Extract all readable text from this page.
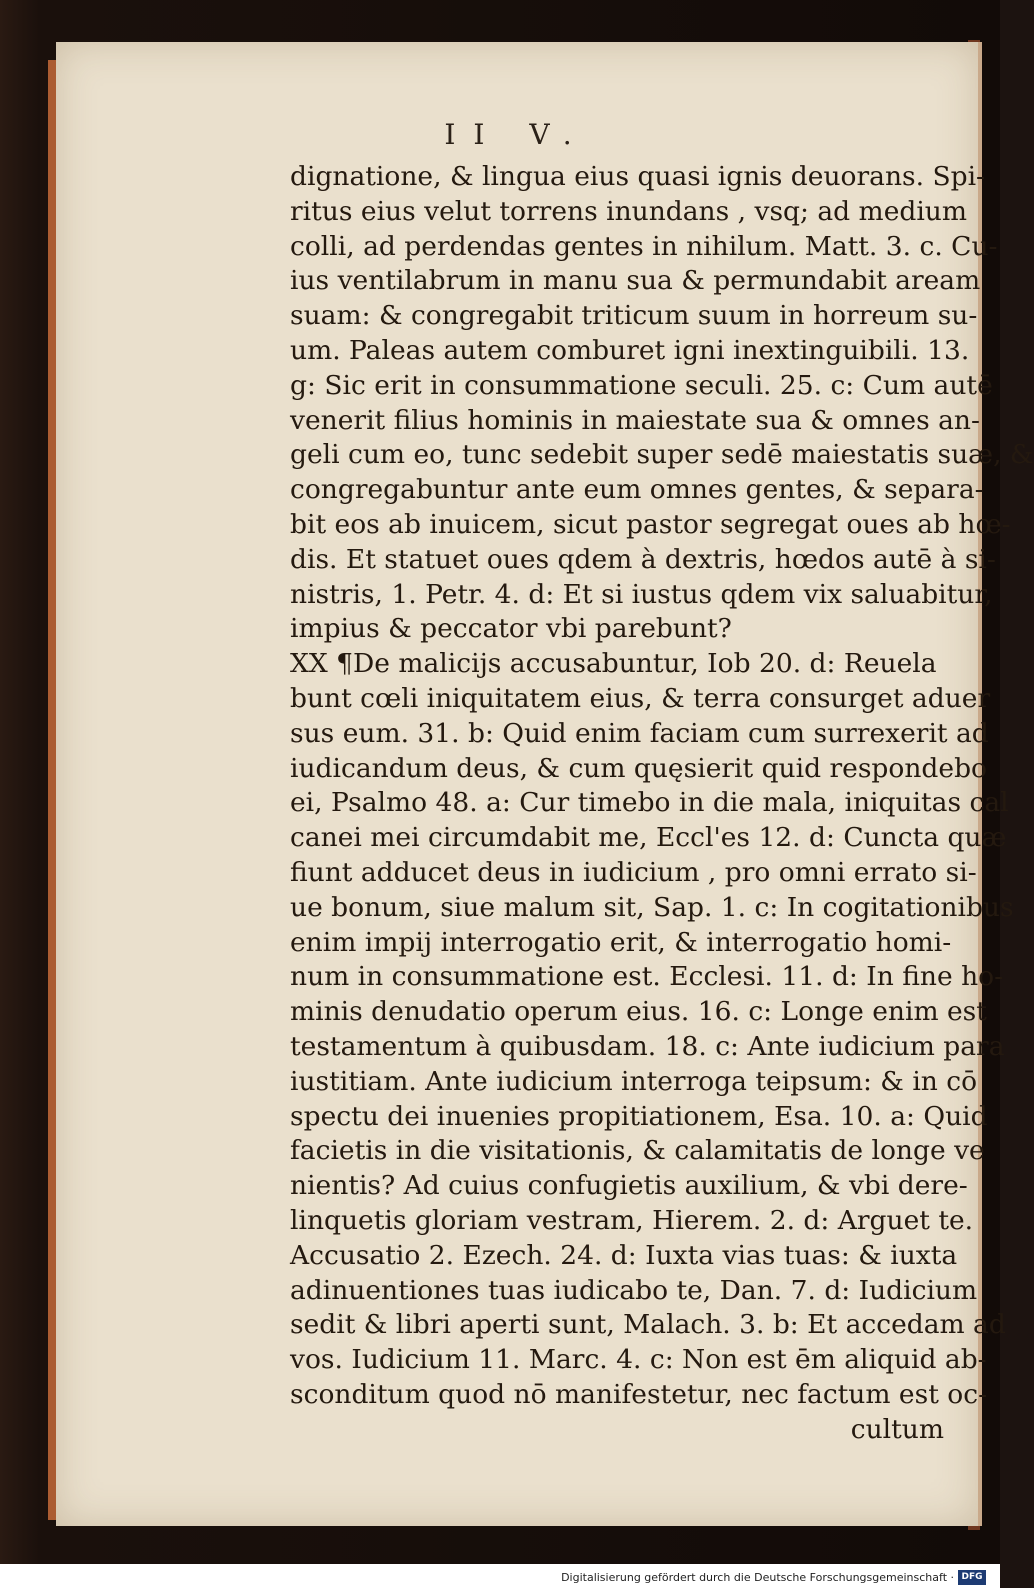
II V.
dignatione, & lingua eius quasi ignis deuorans. Spi-
ritus eius velut torrens inundans , vsq; ad medium
colli, ad perdendas gentes in nihilum. Matt. 3. c. Cu-
ius ventilabrum in manu sua & permundabit aream
suam: & congregabit triticum suum in horreum su-
um. Paleas autem comburet igni inextinguibili. 13.
g: Sic erit in consummatione seculi. 25. c: Cum autē
venerit filius hominis in maiestate sua & omnes an-
geli cum eo, tunc sedebit super sedē maiestatis suæ, &
congregabuntur ante eum omnes gentes, & separa-
bit eos ab inuicem, sicut pastor segregat oues ab hœ-
dis. Et statuet oues qdem à dextris, hœdos autē à si-
nistris, 1. Petr. 4. d: Et si iustus qdem vix saluabitur,
impius & peccator vbi parebunt?
XX ¶De malicijs accusabuntur, Iob 20. d: Reuela
bunt cœli iniquitatem eius, & terra consurget aduer
sus eum. 31. b: Quid enim faciam cum surrexerit ad
iudicandum deus, & cum quęsierit quid respondebo
ei, Psalmo 48. a: Cur timebo in die mala, iniquitas cal
canei mei circumdabit me, Eccl'es 12. d: Cuncta quæ
fiunt adducet deus in iudicium , pro omni errato si-
ue bonum, siue malum sit, Sap. 1. c: In cogitationibus
enim impij interrogatio erit, & interrogatio homi-
num in consummatione est. Ecclesi. 11. d: In fine ho-
minis denudatio operum eius. 16. c: Longe enim est
testamentum à quibusdam. 18. c: Ante iudicium para
iustitiam. Ante iudicium interroga teipsum: & in cō
spectu dei inuenies propitiationem, Esa. 10. a: Quid
facietis in die visitationis, & calamitatis de longe ve
nientis? Ad cuius confugietis auxilium, & vbi dere-
linquetis gloriam vestram, Hierem. 2. d: Arguet te.
Accusatio 2. Ezech. 24. d: Iuxta vias tuas: & iuxta
adinuentiones tuas iudicabo te, Dan. 7. d: Iudicium
sedit & libri aperti sunt, Malach. 3. b: Et accedam ad
vos. Iudicium 11. Marc. 4. c: Non est ēm aliquid ab-
sconditum quod nō manifestetur, nec factum est oc-
cultum
Digitalisierung gefördert durch die Deutsche Forschungsgemeinschaft · DFG
